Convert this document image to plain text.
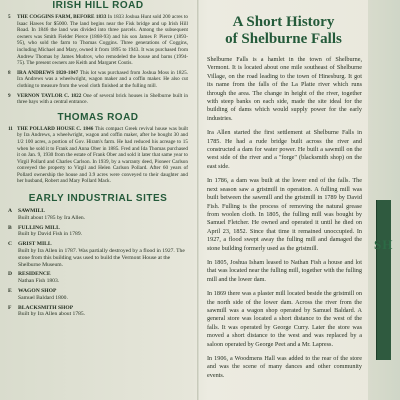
IRISH HILL ROAD
5 THE COGGINS FARM, BEFORE 1833 In 1833 Joshua Hunt sold 200 acres to Isaac Hawes for $5000. The land begins near the Fisk bridge and up Irish Hill Road. In 1846 the land was divided into three parcels. Among the subsequent owners was Smith Fielder Pierce (1868-93) and his son James P. Pierce (1893-95), who sold the farm to Thomas Coggins. Three generations of Coggins, including Michael and Mary, owned it from 1895 to 1943. It was purchased from Andrew Thomas by James Mudrov, who remodeled the house and barns (1994-75). The present owners are Keith and Margaret Coutis.

8 IRA ANDREWS 1820-1847 This lot was purchased from Joshua Moss in 1825. Ira Andrews was a wheelwright, wagon maker and a coffin maker. He also cut clothing to measure from the wool cloth finished at the fulling mill.

9 VERNON TAYLOR C. 1822 One of several brick houses in Shelburne built in three bays with a central entrance.

THOMAS ROAD
11 THE POLLARD HOUSE C. 1846 This compact Greek revival house was built by Ira Andrews, a wheelwright, wagon and coffin maker, after he bought 30 and 1/2 100 acres, a portion of Gov. Hiram's farm. He had reduced his acreage to 15 when he sold it to Frank and Anna Ober in 1885. Fred and Ida Thomas purchased it on Jan. 9, 1930 from the estate of Frank Ober and sold it later that same year to Virgil Pollard and Charles Carlson. In 1939, by a warranty deed, Pioneer Carlson conveyed the property to Virgil and Helen Carlson Pollard. After 60 years of Pollard ownership the house and 3.9 acres were conveyed to their daughter and her husband, Robert and Mary Pollard Mack.

EARLY INDUSTRIAL SITES
A SAWMILL
Built about 1785 by Ira Allen.
B FULLING MILL
Built by David Fish in 1789.
C GRIST MILL
Built by Ira Allen in 1787. Was partially destroyed by a flood in 1927. The stone from this building was used to build the Vermont House at the Shelburne Museum.
D RESIDENCE
Nathan Fish 1803.
E WAGON SHOP
Samuel Baldard 1800.
F BLACKSMITH SHOP
Built by Ira Allen about 1785.
A Short History
of Shelburne Falls

Shelburne Falls is a hamlet in the town of Shelburne, Vermont. It is located about one mile southeast of Shelburne Village, on the road leading to the town of Hinesburg. It got its name from the falls of the La Platte river which runs through the area. The change in height of the river, together with steep banks on each side, made the site ideal for the building of dams which would supply power for the early industries.

Ira Allen started the first settlement at Shelburne Falls in 1785. He had a rude bridge built across the river and constructed a dam for water power. He built a sawmill on the west side of the river and a "forge" (blacksmith shop) on the east side.

In 1786, a dam was built at the lower end of the falls. The next season saw a gristmill in operation. A fulling mill was built between the sawmill and the gristmill in 1789 by David Fish. Fulling is the process of removing the natural grease from woolen cloth. In 1805, the fulling mill was bought by Samuel Fletcher. He owned and operated it until he died on April 23, 1852. Since that time it remained unoccupied. In 1927, a flood swept away the fulling mill and damaged the stone building formerly used as the gristmill.

In 1805, Joshua Isham leased to Nathan Fish a house and lot that was located near the fulling mill, together with the fulling mill and the lower dam.

In 1869 there was a plaster mill located beside the gristmill on the north side of the lower dam. Across the river from the sawmill was a wagon shop operated by Samuel Baldard. A general store was located a short distance to the west of the falls. It was operated by George Curry. Later the store was moved a short distance to the west and was replaced by a saloon operated by George Peet and a Mr. Lapress.

In 1906, a Woodmens Hall was added to the rear of the store and was the scene of many dances and other community events.

SH
